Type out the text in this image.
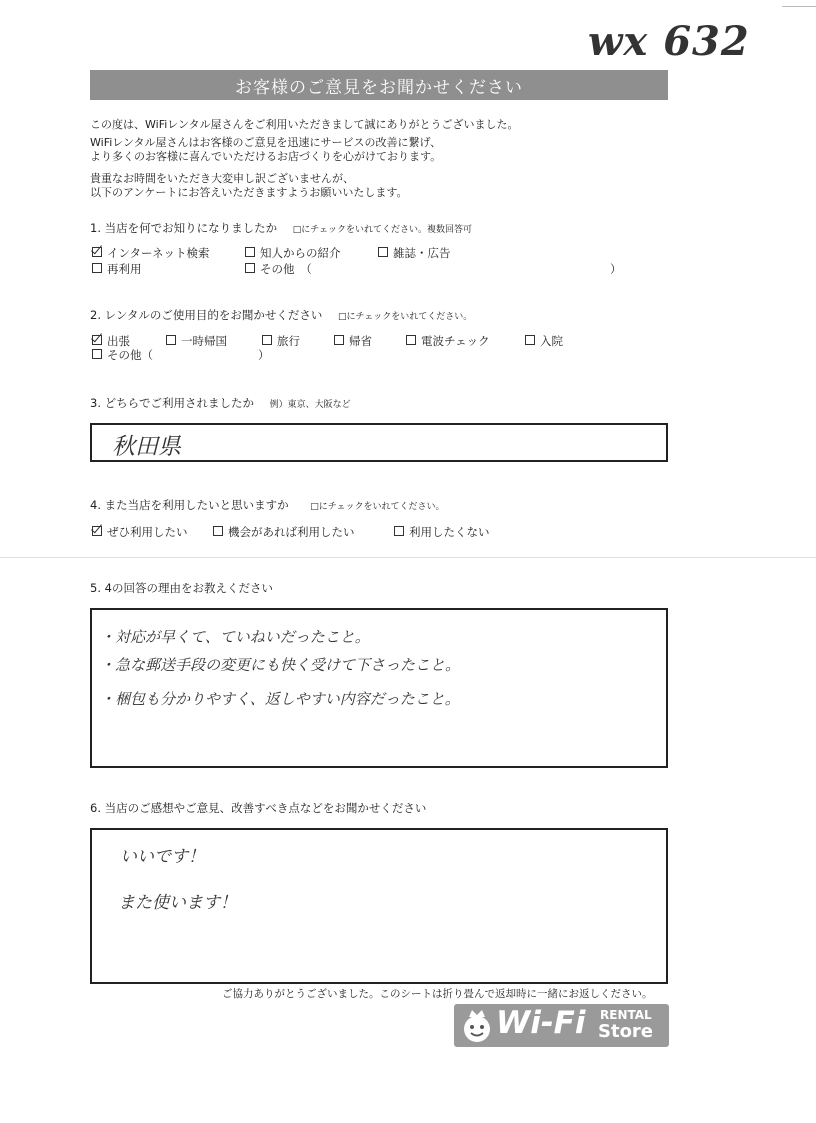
wx 632
お客様のご意見をお聞かせください
この度は、WiFiレンタル屋さんをご利用いただきまして誠にありがとうございました。
WiFiレンタル屋さんはお客様のご意見を迅速にサービスの改善に繋げ、
より多くのお客様に喜んでいただけるお店づくりを心がけております。
貴重なお時間をいただき大変申し訳ございませんが、
以下のアンケートにお答えいただきますようお願いいたします。
1. 当店を何でお知りになりましたか □にチェックをいれてください。複数回答可
インターネット検索	知人からの紹介	雑誌・広告
再利用	その他　（	）
2. レンタルのご使用目的をお聞かせください □にチェックをいれてください。
出張	一時帰国	旅行	帰省	電波チェック	入院
その他（	）
3. どちらでご利用されましたか 例）東京、大阪など
秋田県
4. また当店を利用したいと思いますか □にチェックをいれてください。
ぜひ利用したい	機会があれば利用したい	利用したくない
5. 4の回答の理由をお教えください
・対応が早くて、ていねいだったこと。
・急な郵送手段の変更にも快く受けて下さったこと。
・梱包も分かりやすく、返しやすい内容だったこと。
6. 当店のご感想やご意見、改善すべき点などをお聞かせください
いいです！
また使います！
ご協力ありがとうございました。このシートは折り畳んで返却時に一緒にお返しください。
Wi-Fi RENTAL
Store
